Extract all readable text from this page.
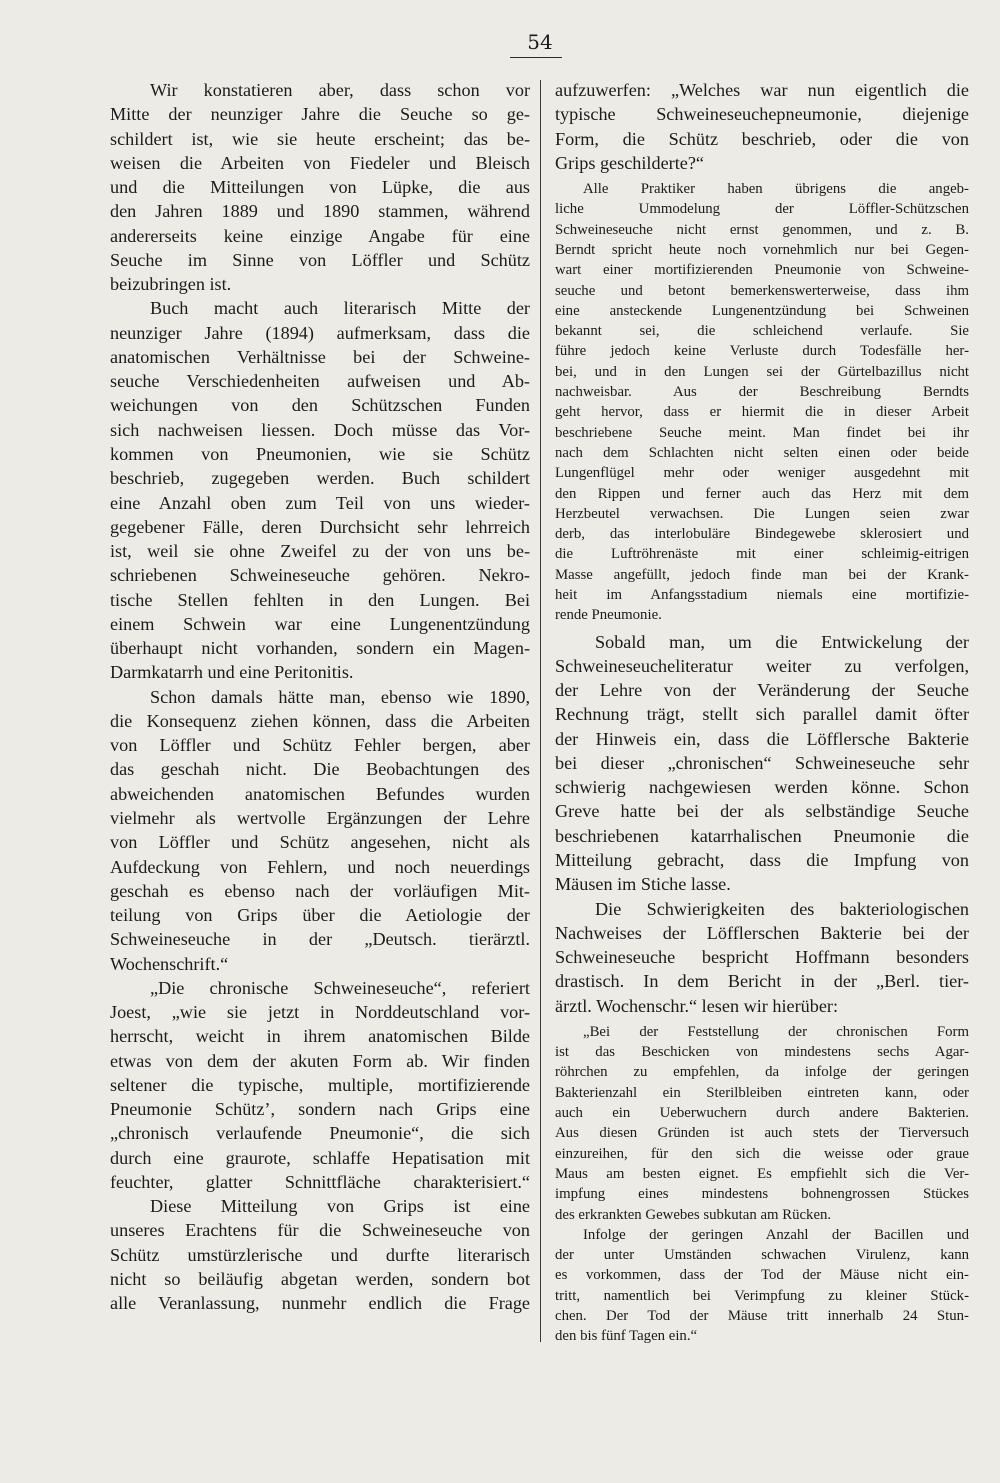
54
Wir konstatieren aber, dass schon vor
Mitte der neunziger Jahre die Seuche so ge-
schildert ist, wie sie heute erscheint; das be-
weisen die Arbeiten von Fiedeler und Bleisch
und die Mitteilungen von Lüpke, die aus
den Jahren 1889 und 1890 stammen, während
andererseits keine einzige Angabe für eine
Seuche im Sinne von Löffler und Schütz
beizubringen ist.
Buch macht auch literarisch Mitte der
neunziger Jahre (1894) aufmerksam, dass die
anatomischen Verhältnisse bei der Schweine-
seuche Verschiedenheiten aufweisen und Ab-
weichungen von den Schützschen Funden
sich nachweisen liessen. Doch müsse das Vor-
kommen von Pneumonien, wie sie Schütz
beschrieb, zugegeben werden. Buch schildert
eine Anzahl oben zum Teil von uns wieder-
gegebener Fälle, deren Durchsicht sehr lehrreich
ist, weil sie ohne Zweifel zu der von uns be-
schriebenen Schweineseuche gehören. Nekro-
tische Stellen fehlten in den Lungen. Bei
einem Schwein war eine Lungenentzündung
überhaupt nicht vorhanden, sondern ein Magen-
Darmkatarrh und eine Peritonitis.
Schon damals hätte man, ebenso wie 1890,
die Konsequenz ziehen können, dass die Arbeiten
von Löffler und Schütz Fehler bergen, aber
das geschah nicht. Die Beobachtungen des
abweichenden anatomischen Befundes wurden
vielmehr als wertvolle Ergänzungen der Lehre
von Löffler und Schütz angesehen, nicht als
Aufdeckung von Fehlern, und noch neuerdings
geschah es ebenso nach der vorläufigen Mit-
teilung von Grips über die Aetiologie der
Schweineseuche in der „Deutsch. tierärztl.
Wochenschrift.“
„Die chronische Schweineseuche“, referiert
Joest, „wie sie jetzt in Norddeutschland vor-
herrscht, weicht in ihrem anatomischen Bilde
etwas von dem der akuten Form ab. Wir finden
seltener die typische, multiple, mortifizierende
Pneumonie Schütz’, sondern nach Grips eine
„chronisch verlaufende Pneumonie“, die sich
durch eine graurote, schlaffe Hepatisation mit
feuchter, glatter Schnittfläche charakterisiert.“
Diese Mitteilung von Grips ist eine
unseres Erachtens für die Schweineseuche von
Schütz umstürzlerische und durfte literarisch
nicht so beiläufig abgetan werden, sondern bot
alle Veranlassung, nunmehr endlich die Frage
aufzuwerfen: „Welches war nun eigentlich die
typische Schweineseuchepneumonie, diejenige
Form, die Schütz beschrieb, oder die von
Grips geschilderte?“
Alle Praktiker haben übrigens die angeb-
liche Ummodelung der Löffler-Schützschen
Schweineseuche nicht ernst genommen, und z. B.
Berndt spricht heute noch vornehmlich nur bei Gegen-
wart einer mortifizierenden Pneumonie von Schweine-
seuche und betont bemerkenswerterweise, dass ihm
eine ansteckende Lungenentzündung bei Schweinen
bekannt sei, die schleichend verlaufe. Sie
führe jedoch keine Verluste durch Todesfälle her-
bei, und in den Lungen sei der Gürtelbazillus nicht
nachweisbar. Aus der Beschreibung Berndts
geht hervor, dass er hiermit die in dieser Arbeit
beschriebene Seuche meint. Man findet bei ihr
nach dem Schlachten nicht selten einen oder beide
Lungenflügel mehr oder weniger ausgedehnt mit
den Rippen und ferner auch das Herz mit dem
Herzbeutel verwachsen. Die Lungen seien zwar
derb, das interlobuläre Bindegewebe sklerosiert und
die Luftröhrenäste mit einer schleimig-eitrigen
Masse angefüllt, jedoch finde man bei der Krank-
heit im Anfangsstadium niemals eine mortifizie-
rende Pneumonie.
Sobald man, um die Entwickelung der
Schweineseucheliteratur weiter zu verfolgen,
der Lehre von der Veränderung der Seuche
Rechnung trägt, stellt sich parallel damit öfter
der Hinweis ein, dass die Löfflersche Bakterie
bei dieser „chronischen“ Schweineseuche sehr
schwierig nachgewiesen werden könne. Schon
Greve hatte bei der als selbständige Seuche
beschriebenen katarrhalischen Pneumonie die
Mitteilung gebracht, dass die Impfung von
Mäusen im Stiche lasse.
Die Schwierigkeiten des bakteriologischen
Nachweises der Löfflerschen Bakterie bei der
Schweineseuche bespricht Hoffmann besonders
drastisch. In dem Bericht in der „Berl. tier-
ärztl. Wochenschr.“ lesen wir hierüber:
„Bei der Feststellung der chronischen Form
ist das Beschicken von mindestens sechs Agar-
röhrchen zu empfehlen, da infolge der geringen
Bakterienzahl ein Sterilbleiben eintreten kann, oder
auch ein Ueberwuchern durch andere Bakterien.
Aus diesen Gründen ist auch stets der Tierversuch
einzureihen, für den sich die weisse oder graue
Maus am besten eignet. Es empfiehlt sich die Ver-
impfung eines mindestens bohnengrossen Stückes
des erkrankten Gewebes subkutan am Rücken.
Infolge der geringen Anzahl der Bacillen und
der unter Umständen schwachen Virulenz, kann
es vorkommen, dass der Tod der Mäuse nicht ein-
tritt, namentlich bei Verimpfung zu kleiner Stück-
chen. Der Tod der Mäuse tritt innerhalb 24 Stun-
den bis fünf Tagen ein.“
